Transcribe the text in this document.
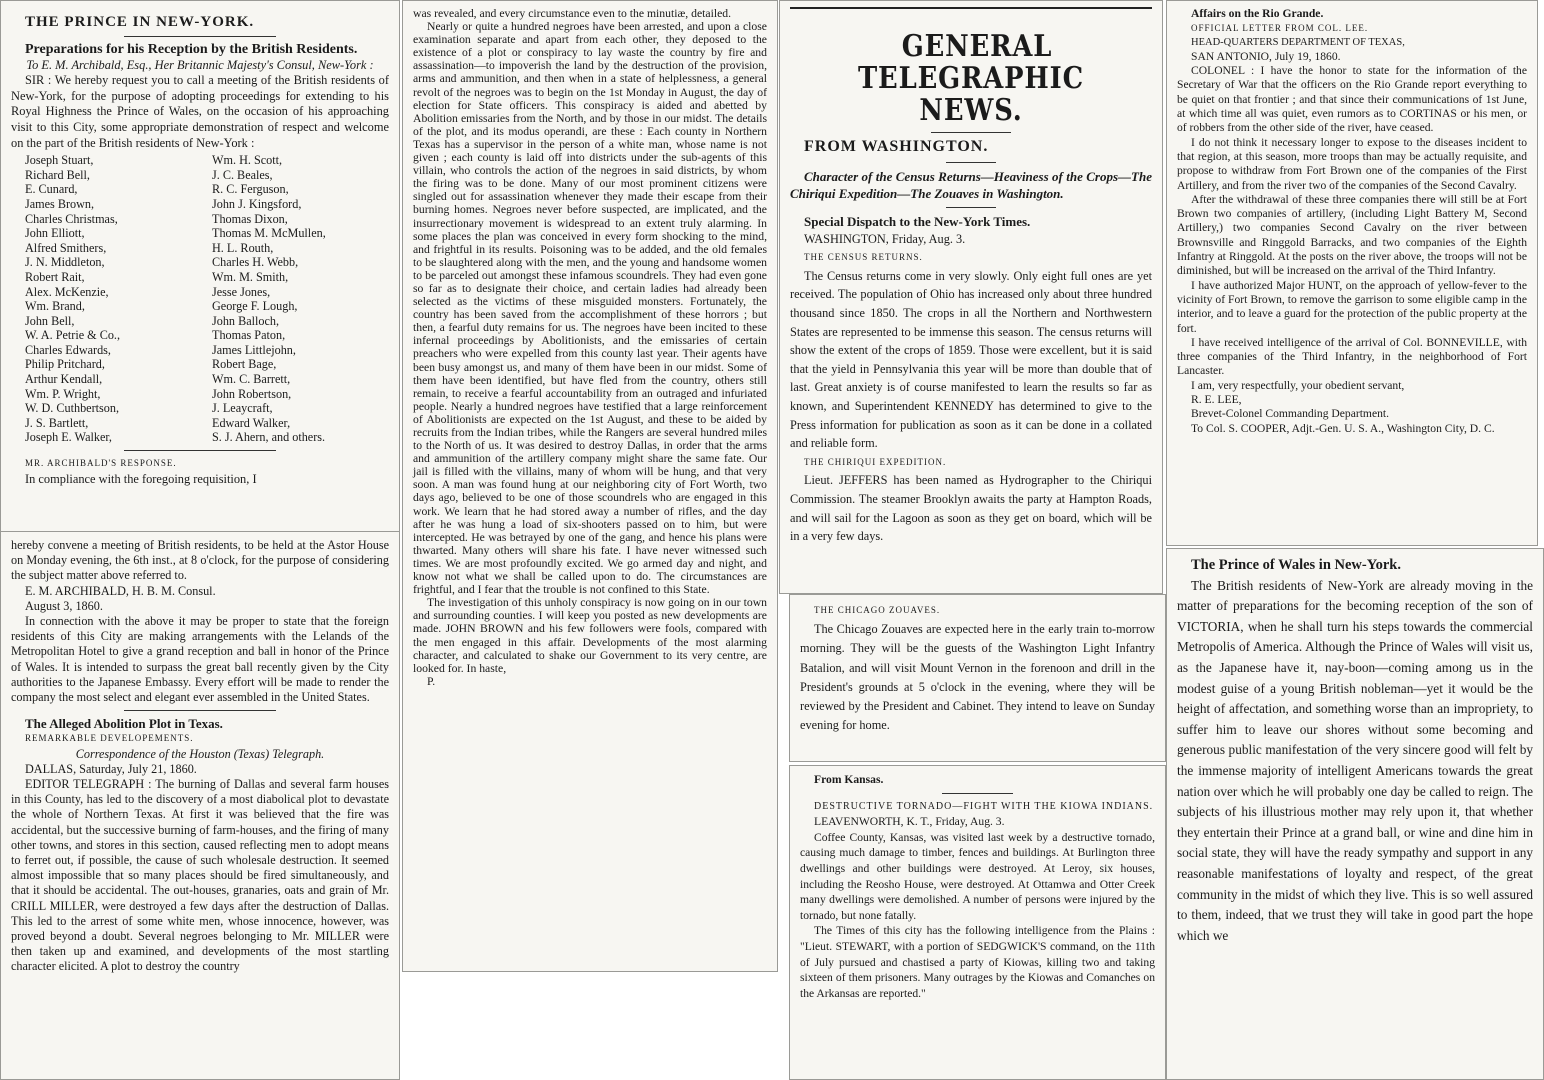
THE PRINCE IN NEW-YORK.

Preparations for his Reception by the British Residents.

To E. M. Archibald, Esq., Her Britannic Majesty's Consul, New-York :

SIR : We hereby request you to call a meeting of the British residents of New-York, for the purpose of adopting proceedings for extending to his Royal Highness the Prince of Wales, on the occasion of his approaching visit to this City, some appropriate demonstration of respect and welcome on the part of the British residents of New-York :

Joseph Stuart,
Richard Bell,
E. Cunard,
James Brown,
Charles Christmas,
John Elliott,
Alfred Smithers,
J. N. Middleton,
Robert Rait,
Alex. McKenzie,
Wm. Brand,
John Bell,
W. A. Petrie & Co.,
Charles Edwards,
Philip Pritchard,
Arthur Kendall,
Wm. P. Wright,
W. D. Cuthbertson,
J. S. Bartlett,
Joseph E. Walker,
Wm. H. Scott,
J. C. Beales,
R. C. Ferguson,
John J. Kingsford,
Thomas Dixon,
Thomas M. McMullen,
H. L. Routh,
Charles H. Webb,
Wm. M. Smith,
Jesse Jones,
George F. Lough,
John Balloch,
Thomas Paton,
James Littlejohn,
Robert Bage,
Wm. C. Barrett,
John Robertson,
J. Leaycraft,
Edward Walker,
S. J. Ahern, and others.

MR. ARCHIBALD'S RESPONSE.

In compliance with the foregoing requisition, I

hereby convene a meeting of British residents, to be held at the Astor House on Monday evening, the 6th inst., at 8 o'clock, for the purpose of considering the subject matter above referred to.

E. M. ARCHIBALD, H. B. M. Consul.

August 3, 1860.

In connection with the above it may be proper to state that the foreign residents of this City are making arrangements with the Lelands of the Metropolitan Hotel to give a grand reception and ball in honor of the Prince of Wales. It is intended to surpass the great ball recently given by the City authorities to the Japanese Embassy. Every effort will be made to render the company the most select and elegant ever assembled in the United States.

The Alleged Abolition Plot in Texas.

REMARKABLE DEVELOPEMENTS.

Correspondence of the Houston (Texas) Telegraph.

DALLAS, Saturday, July 21, 1860.

EDITOR TELEGRAPH : The burning of Dallas and several farm houses in this County, has led to the discovery of a most diabolical plot to devastate the whole of Northern Texas. At first it was believed that the fire was accidental, but the successive burning of farm-houses, and the firing of many other towns, and stores in this section, caused reflecting men to adopt means to ferret out, if possible, the cause of such wholesale destruction. It seemed almost impossible that so many places should be fired simultaneously, and that it should be accidental. The out-houses, granaries, oats and grain of Mr. CRILL MILLER, were destroyed a few days after the destruction of Dallas. This led to the arrest of some white men, whose innocence, however, was proved beyond a doubt. Several negroes belonging to Mr. MILLER were then taken up and examined, and developments of the most startling character elicited. A plot to destroy the country

was revealed, and every circumstance even to the minutiæ, detailed.

Nearly or quite a hundred negroes have been arrested, and upon a close examination separate and apart from each other, they deposed to the existence of a plot or conspiracy to lay waste the country by fire and assassination—to impoverish the land by the destruction of the provision, arms and ammunition, and then when in a state of helplessness, a general revolt of the negroes was to begin on the 1st Monday in August, the day of election for State officers. This conspiracy is aided and abetted by Abolition emissaries from the North, and by those in our midst. The details of the plot, and its modus operandi, are these : Each county in Northern Texas has a supervisor in the person of a white man, whose name is not given ; each county is laid off into districts under the sub-agents of this villain, who controls the action of the negroes in said districts, by whom the firing was to be done. Many of our most prominent citizens were singled out for assassination whenever they made their escape from their burning homes. Negroes never before suspected, are implicated, and the insurrectionary movement is widespread to an extent truly alarming. In some places the plan was conceived in every form shocking to the mind, and frightful in its results. Poisoning was to be added, and the old females to be slaughtered along with the men, and the young and handsome women to be parceled out amongst these infamous scoundrels. They had even gone so far as to designate their choice, and certain ladies had already been selected as the victims of these misguided monsters. Fortunately, the country has been saved from the accomplishment of these horrors ; but then, a fearful duty remains for us. The negroes have been incited to these infernal proceedings by Abolitionists, and the emissaries of certain preachers who were expelled from this county last year. Their agents have been busy amongst us, and many of them have been in our midst. Some of them have been identified, but have fled from the country, others still remain, to receive a fearful accountability from an outraged and infuriated people. Nearly a hundred negroes have testified that a large reinforcement of Abolitionists are expected on the 1st August, and these to be aided by recruits from the Indian tribes, while the Rangers are several hundred miles to the North of us. It was desired to destroy Dallas, in order that the arms and ammunition of the artillery company might share the same fate. Our jail is filled with the villains, many of whom will be hung, and that very soon. A man was found hung at our neighboring city of Fort Worth, two days ago, believed to be one of those scoundrels who are engaged in this work. We learn that he had stored away a number of rifles, and the day after he was hung a load of six-shooters passed on to him, but were intercepted. He was betrayed by one of the gang, and hence his plans were thwarted. Many others will share his fate. I have never witnessed such times. We are most profoundly excited. We go armed day and night, and know not what we shall be called upon to do. The circumstances are frightful, and I fear that the trouble is not confined to this State.

The investigation of this unholy conspiracy is now going on in our town and surrounding counties. I will keep you posted as new developments are made. JOHN BROWN and his few followers were fools, compared with the men engaged in this affair. Developments of the most alarming character, and calculated to shake our Government to its very centre, are looked for. In haste,

P.

GENERAL TELEGRAPHIC NEWS.

FROM WASHINGTON.

Character of the Census Returns—Heaviness of the Crops—The Chiriqui Expedition—The Zouaves in Washington.

Special Dispatch to the New-York Times.

WASHINGTON, Friday, Aug. 3.

THE CENSUS RETURNS.

The Census returns come in very slowly. Only eight full ones are yet received. The population of Ohio has increased only about three hundred thousand since 1850. The crops in all the Northern and Northwestern States are represented to be immense this season. The census returns will show the extent of the crops of 1859. Those were excellent, but it is said that the yield in Pennsylvania this year will be more than double that of last. Great anxiety is of course manifested to learn the results so far as known, and Superintendent KENNEDY has determined to give to the Press information for publication as soon as it can be done in a collated and reliable form.

THE CHIRIQUI EXPEDITION.

Lieut. JEFFERS has been named as Hydrographer to the Chiriqui Commission. The steamer Brooklyn awaits the party at Hampton Roads, and will sail for the Lagoon as soon as they get on board, which will be in a very few days.

THE CHICAGO ZOUAVES.

The Chicago Zouaves are expected here in the early train to-morrow morning. They will be the guests of the Washington Light Infantry Batalion, and will visit Mount Vernon in the forenoon and drill in the President's grounds at 5 o'clock in the evening, where they will be reviewed by the President and Cabinet. They intend to leave on Sunday evening for home.

From Kansas.

DESTRUCTIVE TORNADO—FIGHT WITH THE KIOWA INDIANS.

LEAVENWORTH, K. T., Friday, Aug. 3.

Coffee County, Kansas, was visited last week by a destructive tornado, causing much damage to timber, fences and buildings. At Burlington three dwellings and other buildings were destroyed. At Leroy, six houses, including the Reosho House, were destroyed. At Ottamwa and Otter Creek many dwellings were demolished. A number of persons were injured by the tornado, but none fatally.

The Times of this city has the following intelligence from the Plains : "Lieut. STEWART, with a portion of SEDGWICK'S command, on the 11th of July pursued and chastised a party of Kiowas, killing two and taking sixteen of them prisoners. Many outrages by the Kiowas and Comanches on the Arkansas are reported."

Affairs on the Rio Grande.

OFFICIAL LETTER FROM COL. LEE.

HEAD-QUARTERS DEPARTMENT OF TEXAS,

SAN ANTONIO, July 19, 1860.

COLONEL : I have the honor to state for the information of the Secretary of War that the officers on the Rio Grande report everything to be quiet on that frontier ; and that since their communications of 1st June, at which time all was quiet, even rumors as to CORTINAS or his men, or of robbers from the other side of the river, have ceased.

I do not think it necessary longer to expose to the diseases incident to that region, at this season, more troops than may be actually requisite, and propose to withdraw from Fort Brown one of the companies of the First Artillery, and from the river two of the companies of the Second Cavalry.

After the withdrawal of these three companies there will still be at Fort Brown two companies of artillery, (including Light Battery M, Second Artillery,) two companies Second Cavalry on the river between Brownsville and Ringgold Barracks, and two companies of the Eighth Infantry at Ringgold. At the posts on the river above, the troops will not be diminished, but will be increased on the arrival of the Third Infantry.

I have authorized Major HUNT, on the approach of yellow-fever to the vicinity of Fort Brown, to remove the garrison to some eligible camp in the interior, and to leave a guard for the protection of the public property at the fort.

I have received intelligence of the arrival of Col. BONNEVILLE, with three companies of the Third Infantry, in the neighborhood of Fort Lancaster.

I am, very respectfully, your obedient servant,

R. E. LEE,

Brevet-Colonel Commanding Department.

To Col. S. COOPER, Adjt.-Gen. U. S. A., Washington City, D. C.

The Prince of Wales in New-York.

The British residents of New-York are already moving in the matter of preparations for the becoming reception of the son of VICTORIA, when he shall turn his steps towards the commercial Metropolis of America. Although the Prince of Wales will visit us, as the Japanese have it, nay-boon—coming among us in the modest guise of a young British nobleman—yet it would be the height of affectation, and something worse than an impropriety, to suffer him to leave our shores without some becoming and generous public manifestation of the very sincere good will felt by the immense majority of intelligent Americans towards the great nation over which he will probably one day be called to reign. The subjects of his illustrious mother may rely upon it, that whether they entertain their Prince at a grand ball, or wine and dine him in social state, they will have the ready sympathy and support in any reasonable manifestations of loyalty and respect, of the great community in the midst of which they live. This is so well assured to them, indeed, that we trust they will take in good part the hope which we
